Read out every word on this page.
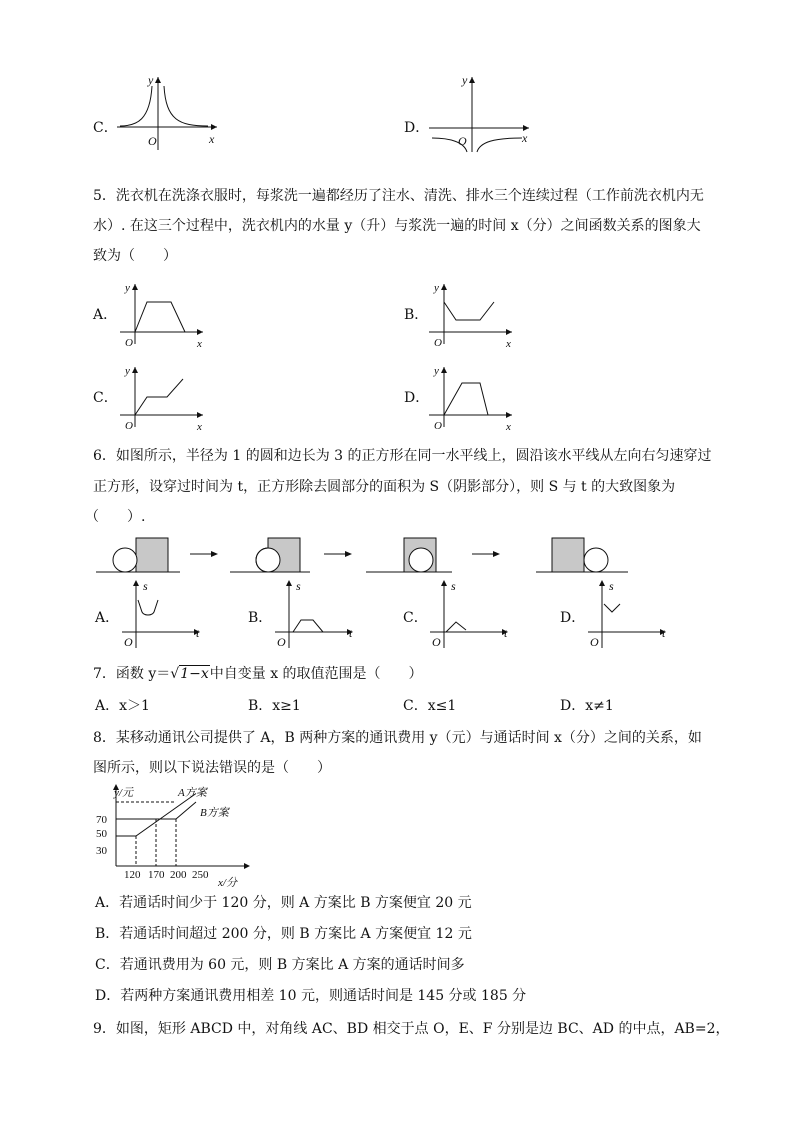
C．
y
O	x
D．
y
O	x
5．洗衣机在洗涤衣服时，每浆洗一遍都经历了注水、清洗、排水三个连续过程（工作前洗衣机内无
水）. 在这三个过程中，洗衣机内的水量 y（升）与浆洗一遍的时间 x（分）之间函数关系的图象大
致为（　　）
A．
y
O	x
B．
y
O	x
C．
y
O	x
D．
y
O	x
6．如图所示，半径为 1 的圆和边长为 3 的正方形在同一水平线上，圆沿该水平线从左向右匀速穿过
正方形，设穿过时间为 t，正方形除去圆部分的面积为 S（阴影部分），则 S 与 t 的大致图象为
（　　）.
A．
s
O
t
B．
s
O
t
C．
s
O
t
D．
s
O
t
7．函数 y＝√1−x中自变量 x 的取值范围是（　　）
A．x＞1	B．x≥1	C．x≤1	D．x≠1
8．某移动通讯公司提供了 A，B 两种方案的通讯费用 y（元）与通话时间 x（分）之间的关系，如
图所示，则以下说法错误的是（　　）
y/元
x/分
A方案
B方案
70
50
30
120 170 200 250
A．若通话时间少于 120 分，则 A 方案比 B 方案便宜 20 元
B．若通话时间超过 200 分，则 B 方案比 A 方案便宜 12 元
C．若通讯费用为 60 元，则 B 方案比 A 方案的通话时间多
D．若两种方案通讯费用相差 10 元，则通话时间是 145 分或 185 分
9．如图，矩形 ABCD 中，对角线 AC、BD 相交于点 O，E、F 分别是边 BC、AD 的中点，AB=2，
